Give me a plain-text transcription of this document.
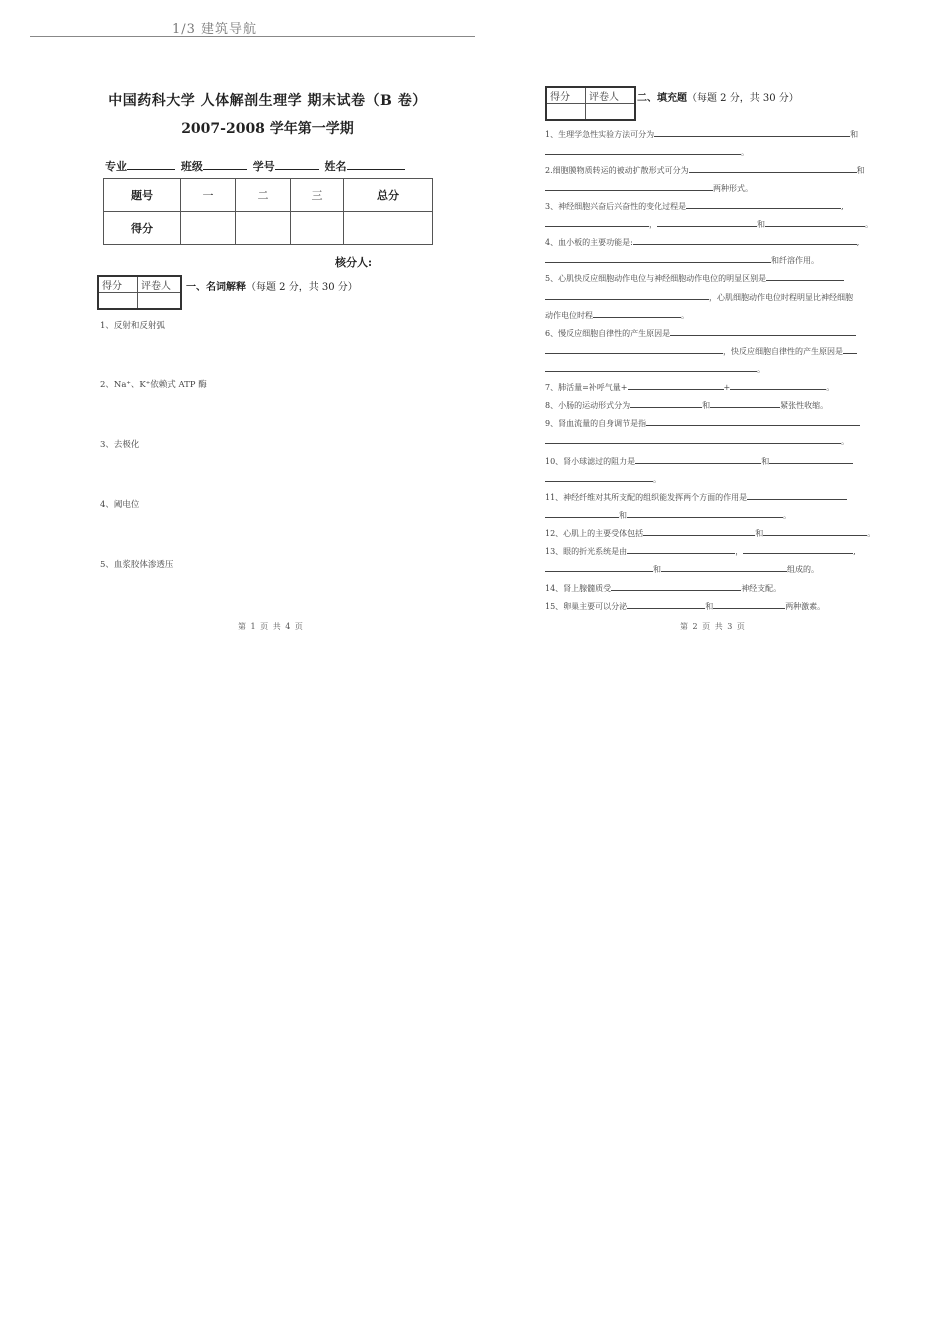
1/3 建筑导航
中国药科大学 人体解剖生理学 期末试卷（B 卷）
2007-2008 学年第一学期
专业	班级	学号	姓名
题号	一	二	三	总分
得分				
核分人:
得分	评卷人
	一、名词解释（每题 2 分，共 30 分）
1、反射和反射弧
2、Na⁺、K⁺依赖式 ATP 酶
3、去极化
4、阈电位
5、血浆胶体渗透压
第 1 页 共 4 页
得分	评卷人
	二、填充题（每题 2 分，共 30 分）
1、生理学急性实验方法可分为	和
。
2.细胞膜物质转运的被动扩散形式可分为	和
两种形式。
3、神经细胞兴奋后兴奋性的变化过程是	,
，	和	。
4、血小板的主要功能是:	,
和纤溶作用。
5、心肌快反应细胞动作电位与神经细胞动作电位的明显区别是
，心肌细胞动作电位时程明显比神经细胞
动作电位时程	。
6、慢反应细胞自律性的产生原因是
，快反应细胞自律性的产生原因是
。
7、肺活量=补呼气量+	+	。
8、小肠的运动形式分为	和	紧张性收缩。
9、肾血流量的自身调节是指
。
10、肾小球滤过的阻力是	和
。
11、神经纤维对其所支配的组织能发挥两个方面的作用是
和	。
12、心肌上的主要受体包括	和	。
13、眼的折光系统是由	，	,
和	组成的。
14、肾上腺髓质受	神经支配。
15、卵巢主要可以分泌	和	两种激素。
第 2 页 共 3 页
